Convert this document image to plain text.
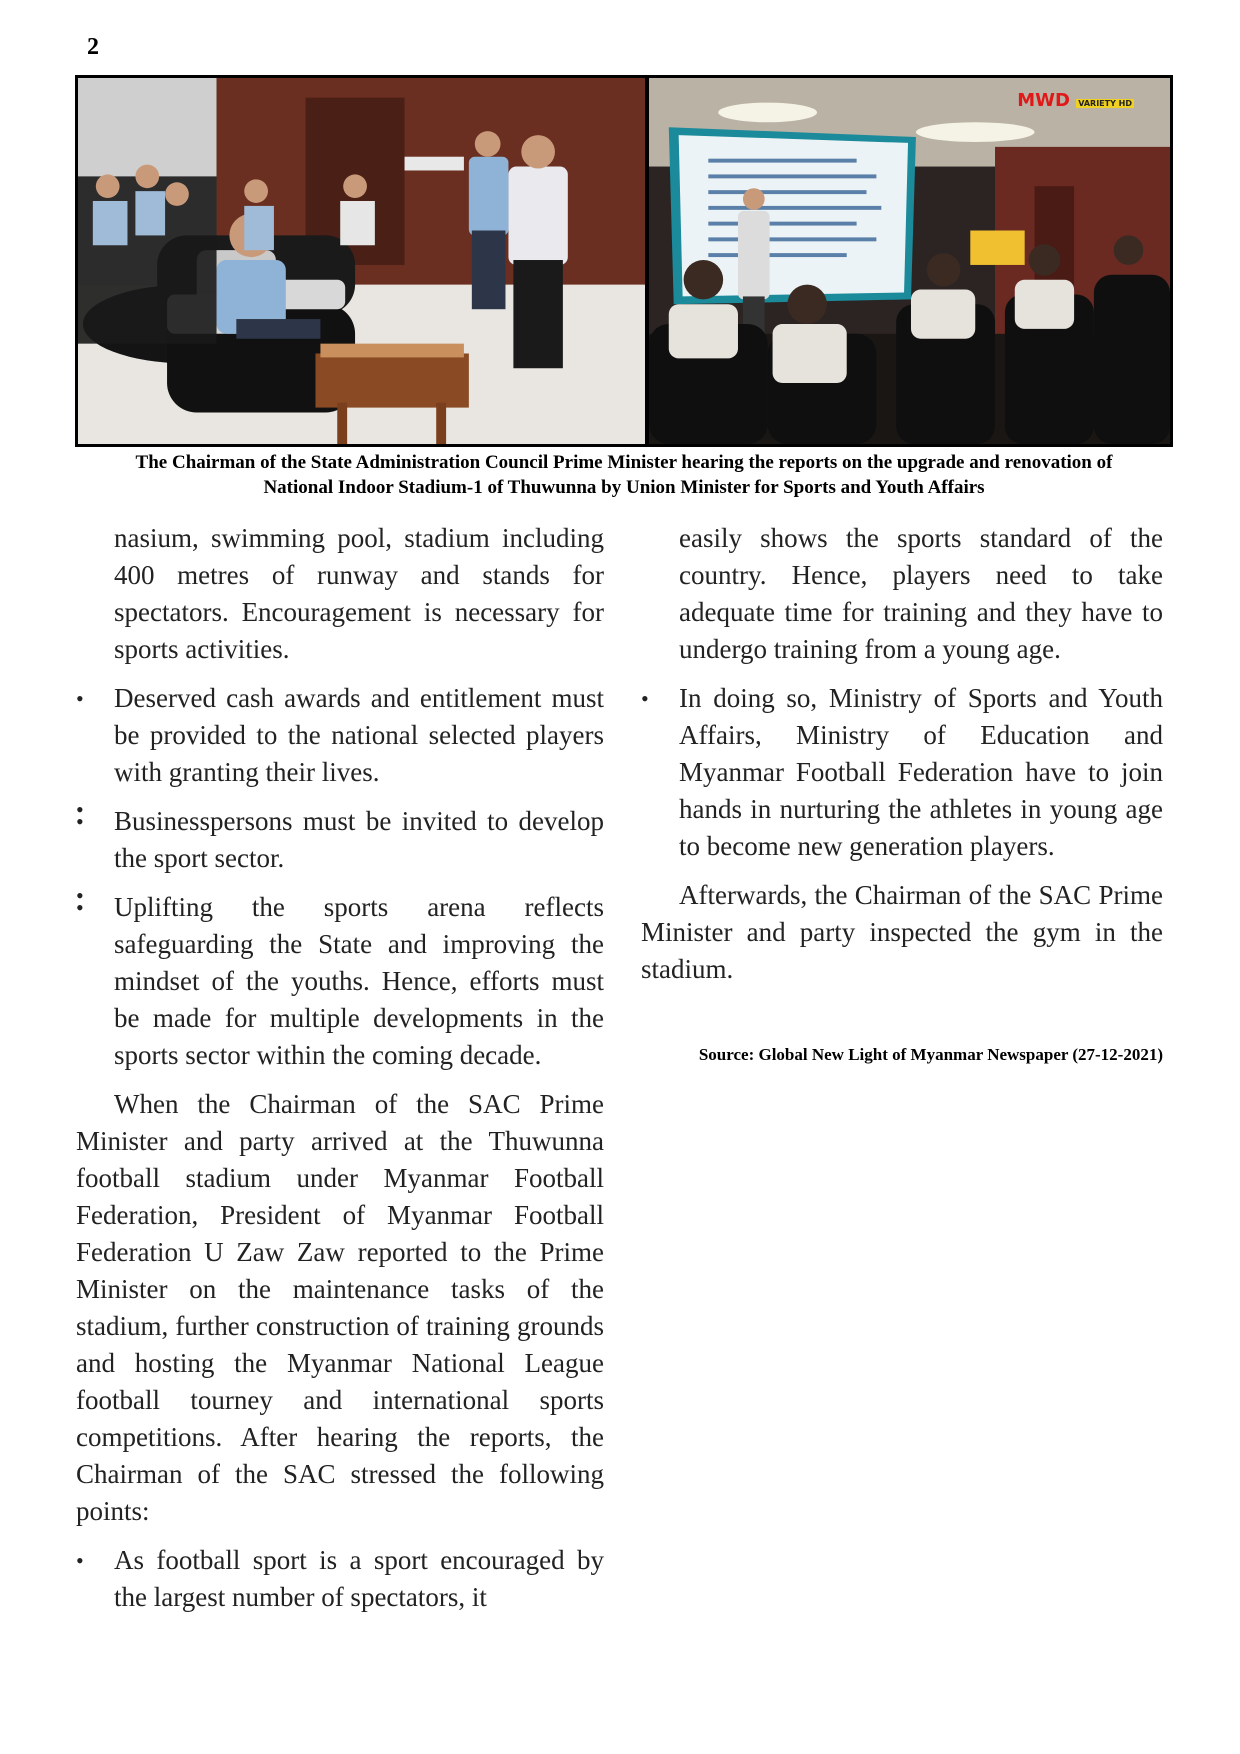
2
MWD VARIETY HD
The Chairman of the State Administration Council Prime Minister hearing the reports on the upgrade and renovation of
National Indoor Stadium-1 of Thuwunna by Union Minister for Sports and Youth Affairs

nasium, swimming pool, stadium including 400 metres of runway and stands for spectators. Encouragement is necessary for sports activities.

• Deserved cash awards and entitlement must be provided to the national selected players with granting their lives.
•
• Businesspersons must be invited to develop the sport sector.
•
• Uplifting the sports arena reflects safeguarding the State and improving the mindset of the youths. Hence, efforts must be made for multiple developments in the sports sector within the coming decade.

When the Chairman of the SAC Prime Minister and party arrived at the Thuwunna football stadium under Myanmar Football Federation, President of Myanmar Football Federation U Zaw Zaw reported to the Prime Minister on the maintenance tasks of the stadium, further construction of training grounds and hosting the Myanmar National League football tourney and international sports competitions. After hearing the reports, the Chairman of the SAC stressed the following points:

• As football sport is a sport encouraged by the largest number of spectators, it

easily shows the sports standard of the country. Hence, players need to take adequate time for training and they have to undergo training from a young age.

• In doing so, Ministry of Sports and Youth Affairs, Ministry of Education and Myanmar Football Federation have to join hands in nurturing the athletes in young age to become new generation players.

Afterwards, the Chairman of the SAC Prime Minister and party inspected the gym in the stadium.

Source: Global New Light of Myanmar Newspaper (27-12-2021)
